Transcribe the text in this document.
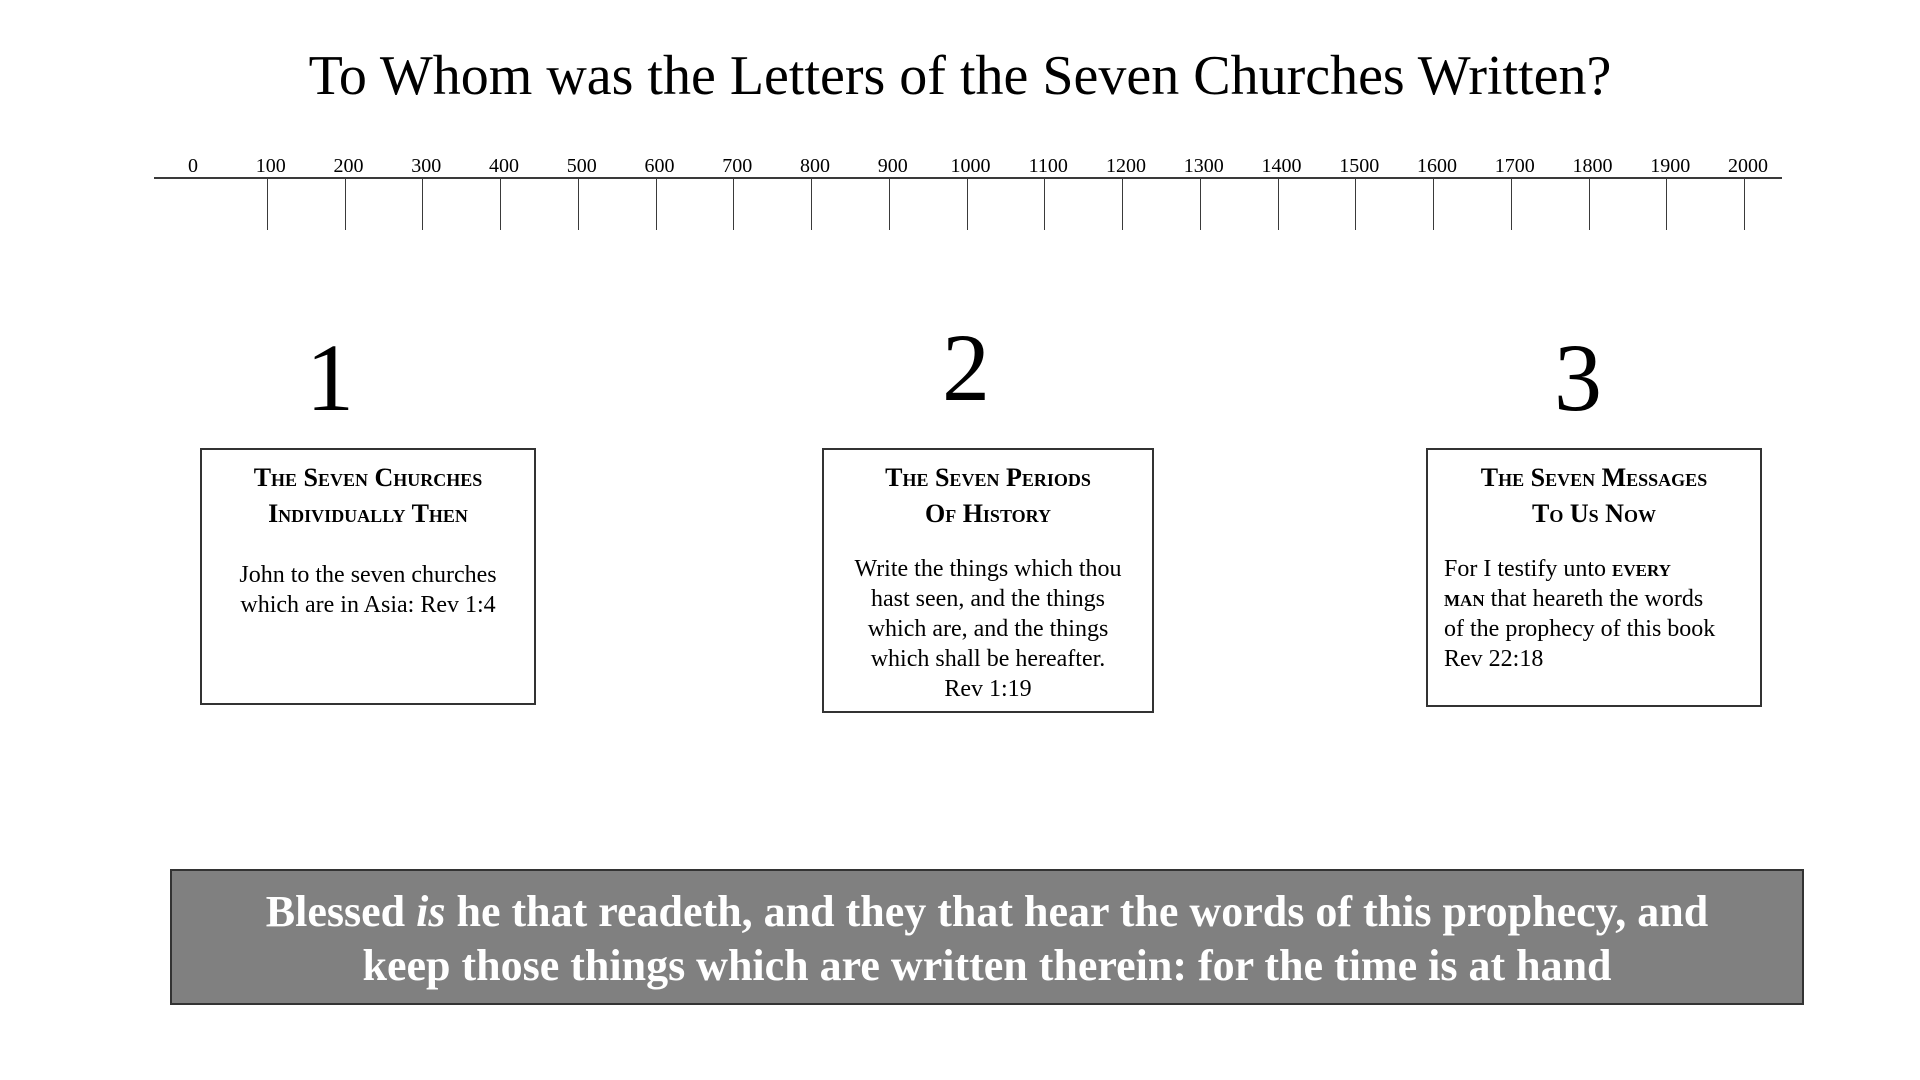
To Whom was the Letters of the Seven Churches Written?
0	100 200 300 400 500 600 700 800 900 1000 1100 1200 1300 1400 1500 1600 1700 1800 1900 2000
1
The Seven Churches
Individually Then
John to the seven churches
which are in Asia: Rev 1:4
2
The Seven Periods
Of History
Write the things which thou
hast seen, and the things
which are, and the things
which shall be hereafter.
Rev 1:19
3
The Seven Messages
To Us Now
For I testify unto every
man that heareth the words
of the prophecy of this book
Rev 22:18
Blessed is he that readeth, and they that hear the words of this prophecy, and
keep those things which are written therein: for the time is at hand
